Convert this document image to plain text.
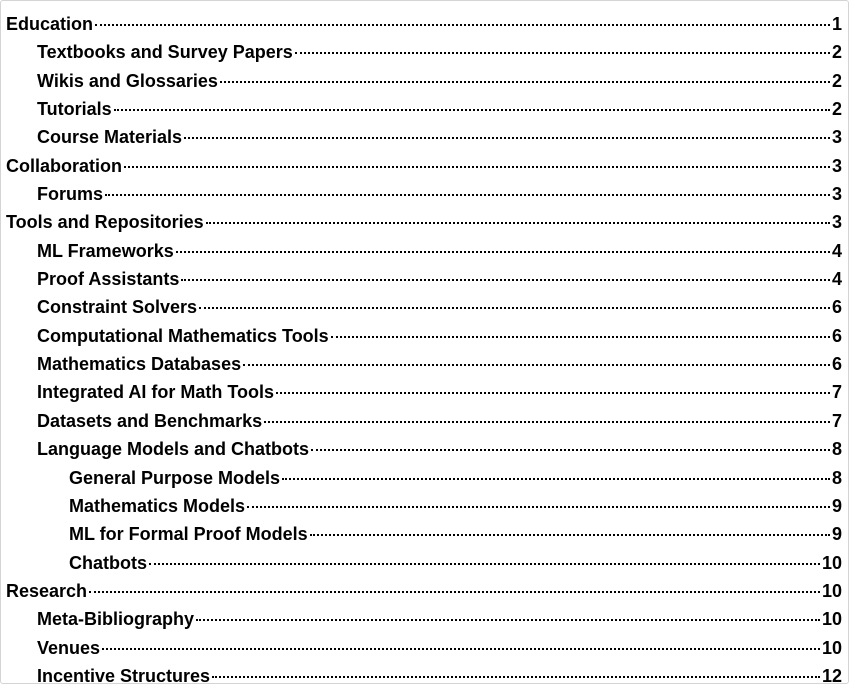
Education	1
Textbooks and Survey Papers	2
Wikis and Glossaries	2
Tutorials	2
Course Materials	3
Collaboration	3
Forums	3
Tools and Repositories	3
ML Frameworks	4
Proof Assistants	4
Constraint Solvers	6
Computational Mathematics Tools	6
Mathematics Databases	6
Integrated AI for Math Tools	7
Datasets and Benchmarks	7
Language Models and Chatbots	8
General Purpose Models	8
Mathematics Models	9
ML for Formal Proof Models	9
Chatbots	10
Research	10
Meta-Bibliography	10
Venues	10
Incentive Structures	12
